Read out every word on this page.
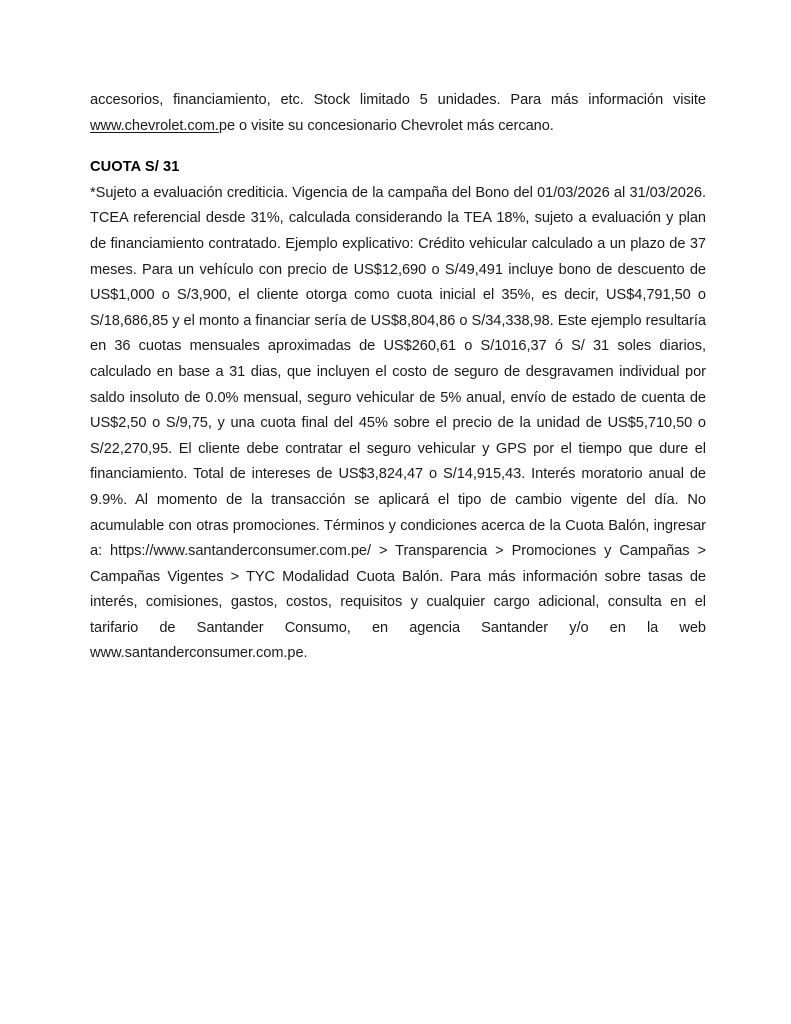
accesorios, financiamiento, etc. Stock limitado 5 unidades. Para más información visite www.chevrolet.com.pe o visite su concesionario Chevrolet más cercano.

CUOTA S/ 31

*Sujeto a evaluación crediticia. Vigencia de la campaña del Bono del 01/03/2026 al 31/03/2026. TCEA referencial desde 31%, calculada considerando la TEA 18%, sujeto a evaluación y plan de financiamiento contratado. Ejemplo explicativo: Crédito vehicular calculado a un plazo de 37 meses. Para un vehículo con precio de US$12,690 o S/49,491 incluye bono de descuento de US$1,000 o S/3,900, el cliente otorga como cuota inicial el 35%, es decir, US$4,791,50 o S/18,686,85 y el monto a financiar sería de US$8,804,86 o S/34,338,98. Este ejemplo resultaría en 36 cuotas mensuales aproximadas de US$260,61 o S/1016,37 ó S/ 31 soles diarios, calculado en base a 31 dias, que incluyen el costo de seguro de desgravamen individual por saldo insoluto de 0.0% mensual, seguro vehicular de 5% anual, envío de estado de cuenta de US$2,50 o S/9,75, y una cuota final del 45% sobre el precio de la unidad de US$5,710,50 o S/22,270,95. El cliente debe contratar el seguro vehicular y GPS por el tiempo que dure el financiamiento. Total de intereses de US$3,824,47 o S/14,915,43. Interés moratorio anual de 9.9%. Al momento de la transacción se aplicará el tipo de cambio vigente del día. No acumulable con otras promociones. Términos y condiciones acerca de la Cuota Balón, ingresar a: https://www.santanderconsumer.com.pe/ > Transparencia > Promociones y Campañas > Campañas Vigentes > TYC Modalidad Cuota Balón. Para más información sobre tasas de interés, comisiones, gastos, costos, requisitos y cualquier cargo adicional, consulta en el tarifario de Santander Consumo, en agencia Santander y/o en la web www.santanderconsumer.com.pe.
